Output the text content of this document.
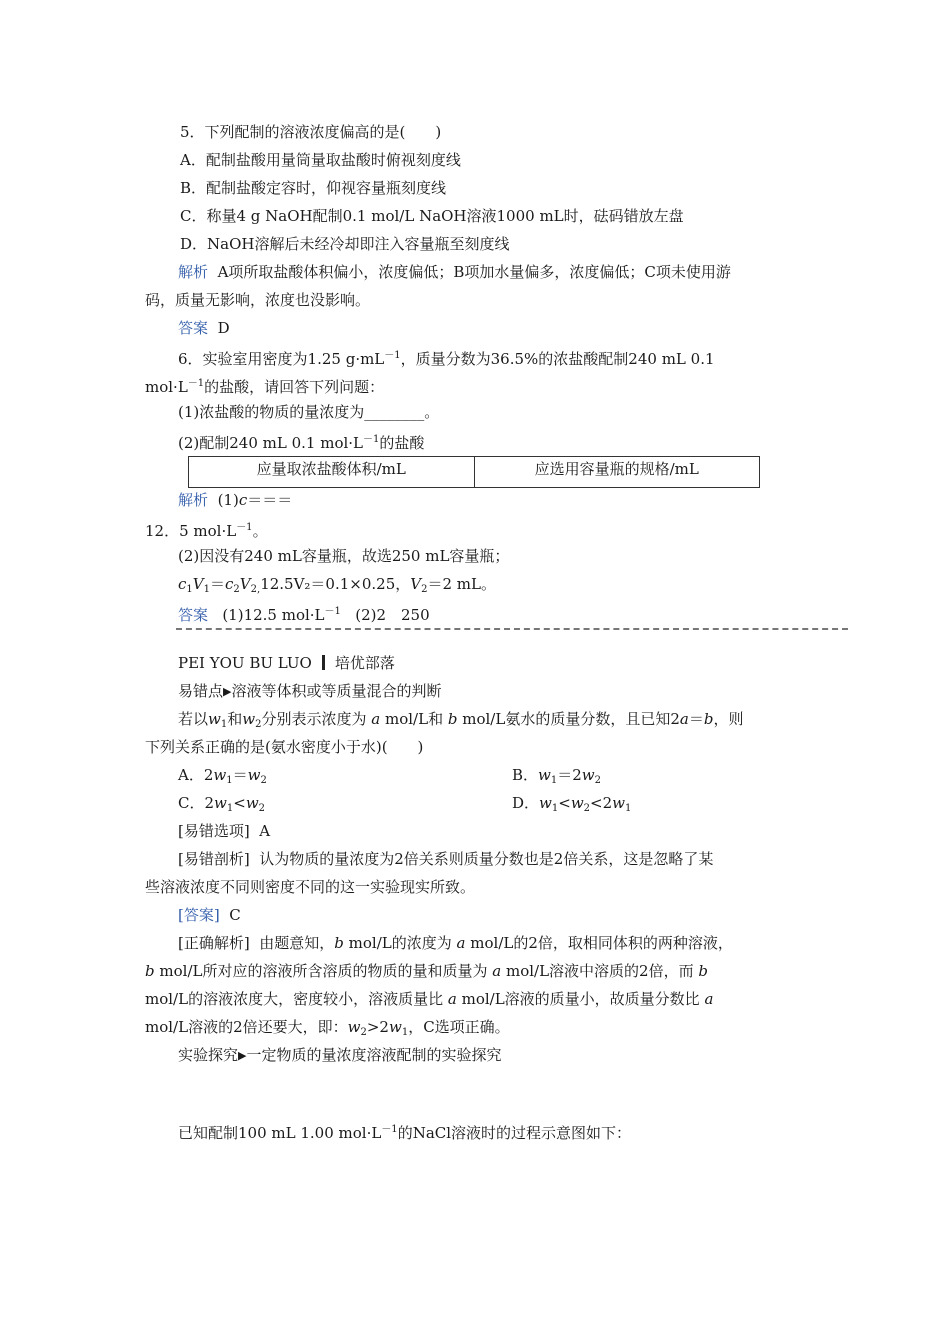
5．下列配制的溶液浓度偏高的是(　　)
A．配制盐酸用量筒量取盐酸时俯视刻度线
B．配制盐酸定容时，仰视容量瓶刻度线
C．称量4 g NaOH配制0.1 mol/L NaOH溶液1000 mL时，砝码错放左盘
D．NaOH溶解后未经冷却即注入容量瓶至刻度线
解析 A项所取盐酸体积偏小，浓度偏低；B项加水量偏多，浓度偏低；C项未使用游
码，质量无影响，浓度也没影响。
答案 D
6．实验室用密度为1.25 $g\cdot mL^{-1}$，质量分数为36.5%的浓盐酸配制240 mL 0.1
$mol\cdot L^{-1}$的盐酸，请回答下列问题：
(1)浓盐酸的物质的量浓度为________。
(2)配制240 mL 0.1 $mol\cdot L^{-1}$的盐酸
应量取浓盐酸体积/mL	应选用容量瓶的规格/mL
解析 (1)c＝＝＝
12．5 $mol\cdot L^{-1}$。
(2)因没有240 mL容量瓶，故选250 mL容量瓶；
$c_1V_1=c_2V_{2,}12.5V_2=0.1\times 0.25$，$V_2=2$ mL。
答案 (1)12.5 $mol\cdot L^{-1}$ (2)2　250
PEI YOU BU LUO 培优部落
易错点▶溶液等体积或等质量混合的判断
若以$w_1$和$w_2$分别表示浓度为 a mol/L和 b mol/L氨水的质量分数，且已知2a＝b，则
下列关系正确的是(氨水密度小于水)(　　)
A．$2w_1=w_2$	B．$w_1=2w_2$
C．$2w_1<w_2$	D．$w_1<w_2<2w_1$
[易错选项] A
[易错剖析] 认为物质的量浓度为2倍关系则质量分数也是2倍关系，这是忽略了某
些溶液浓度不同则密度不同的这一实验现实所致。
[答案] C
[正确解析] 由题意知，b mol/L的浓度为 a mol/L的2倍，取相同体积的两种溶液，
b mol/L所对应的溶液所含溶质的物质的量和质量为 a mol/L溶液中溶质的2倍，而 b
mol/L的溶液浓度大，密度较小，溶液质量比 a mol/L溶液的质量小，故质量分数比 a
mol/L溶液的2倍还要大，即：$w_2>2w_1$，C选项正确。
实验探究▶一定物质的量浓度溶液配制的实验探究
已知配制100 mL 1.00 $mol\cdot L^{-1}$的NaCl溶液时的过程示意图如下：
